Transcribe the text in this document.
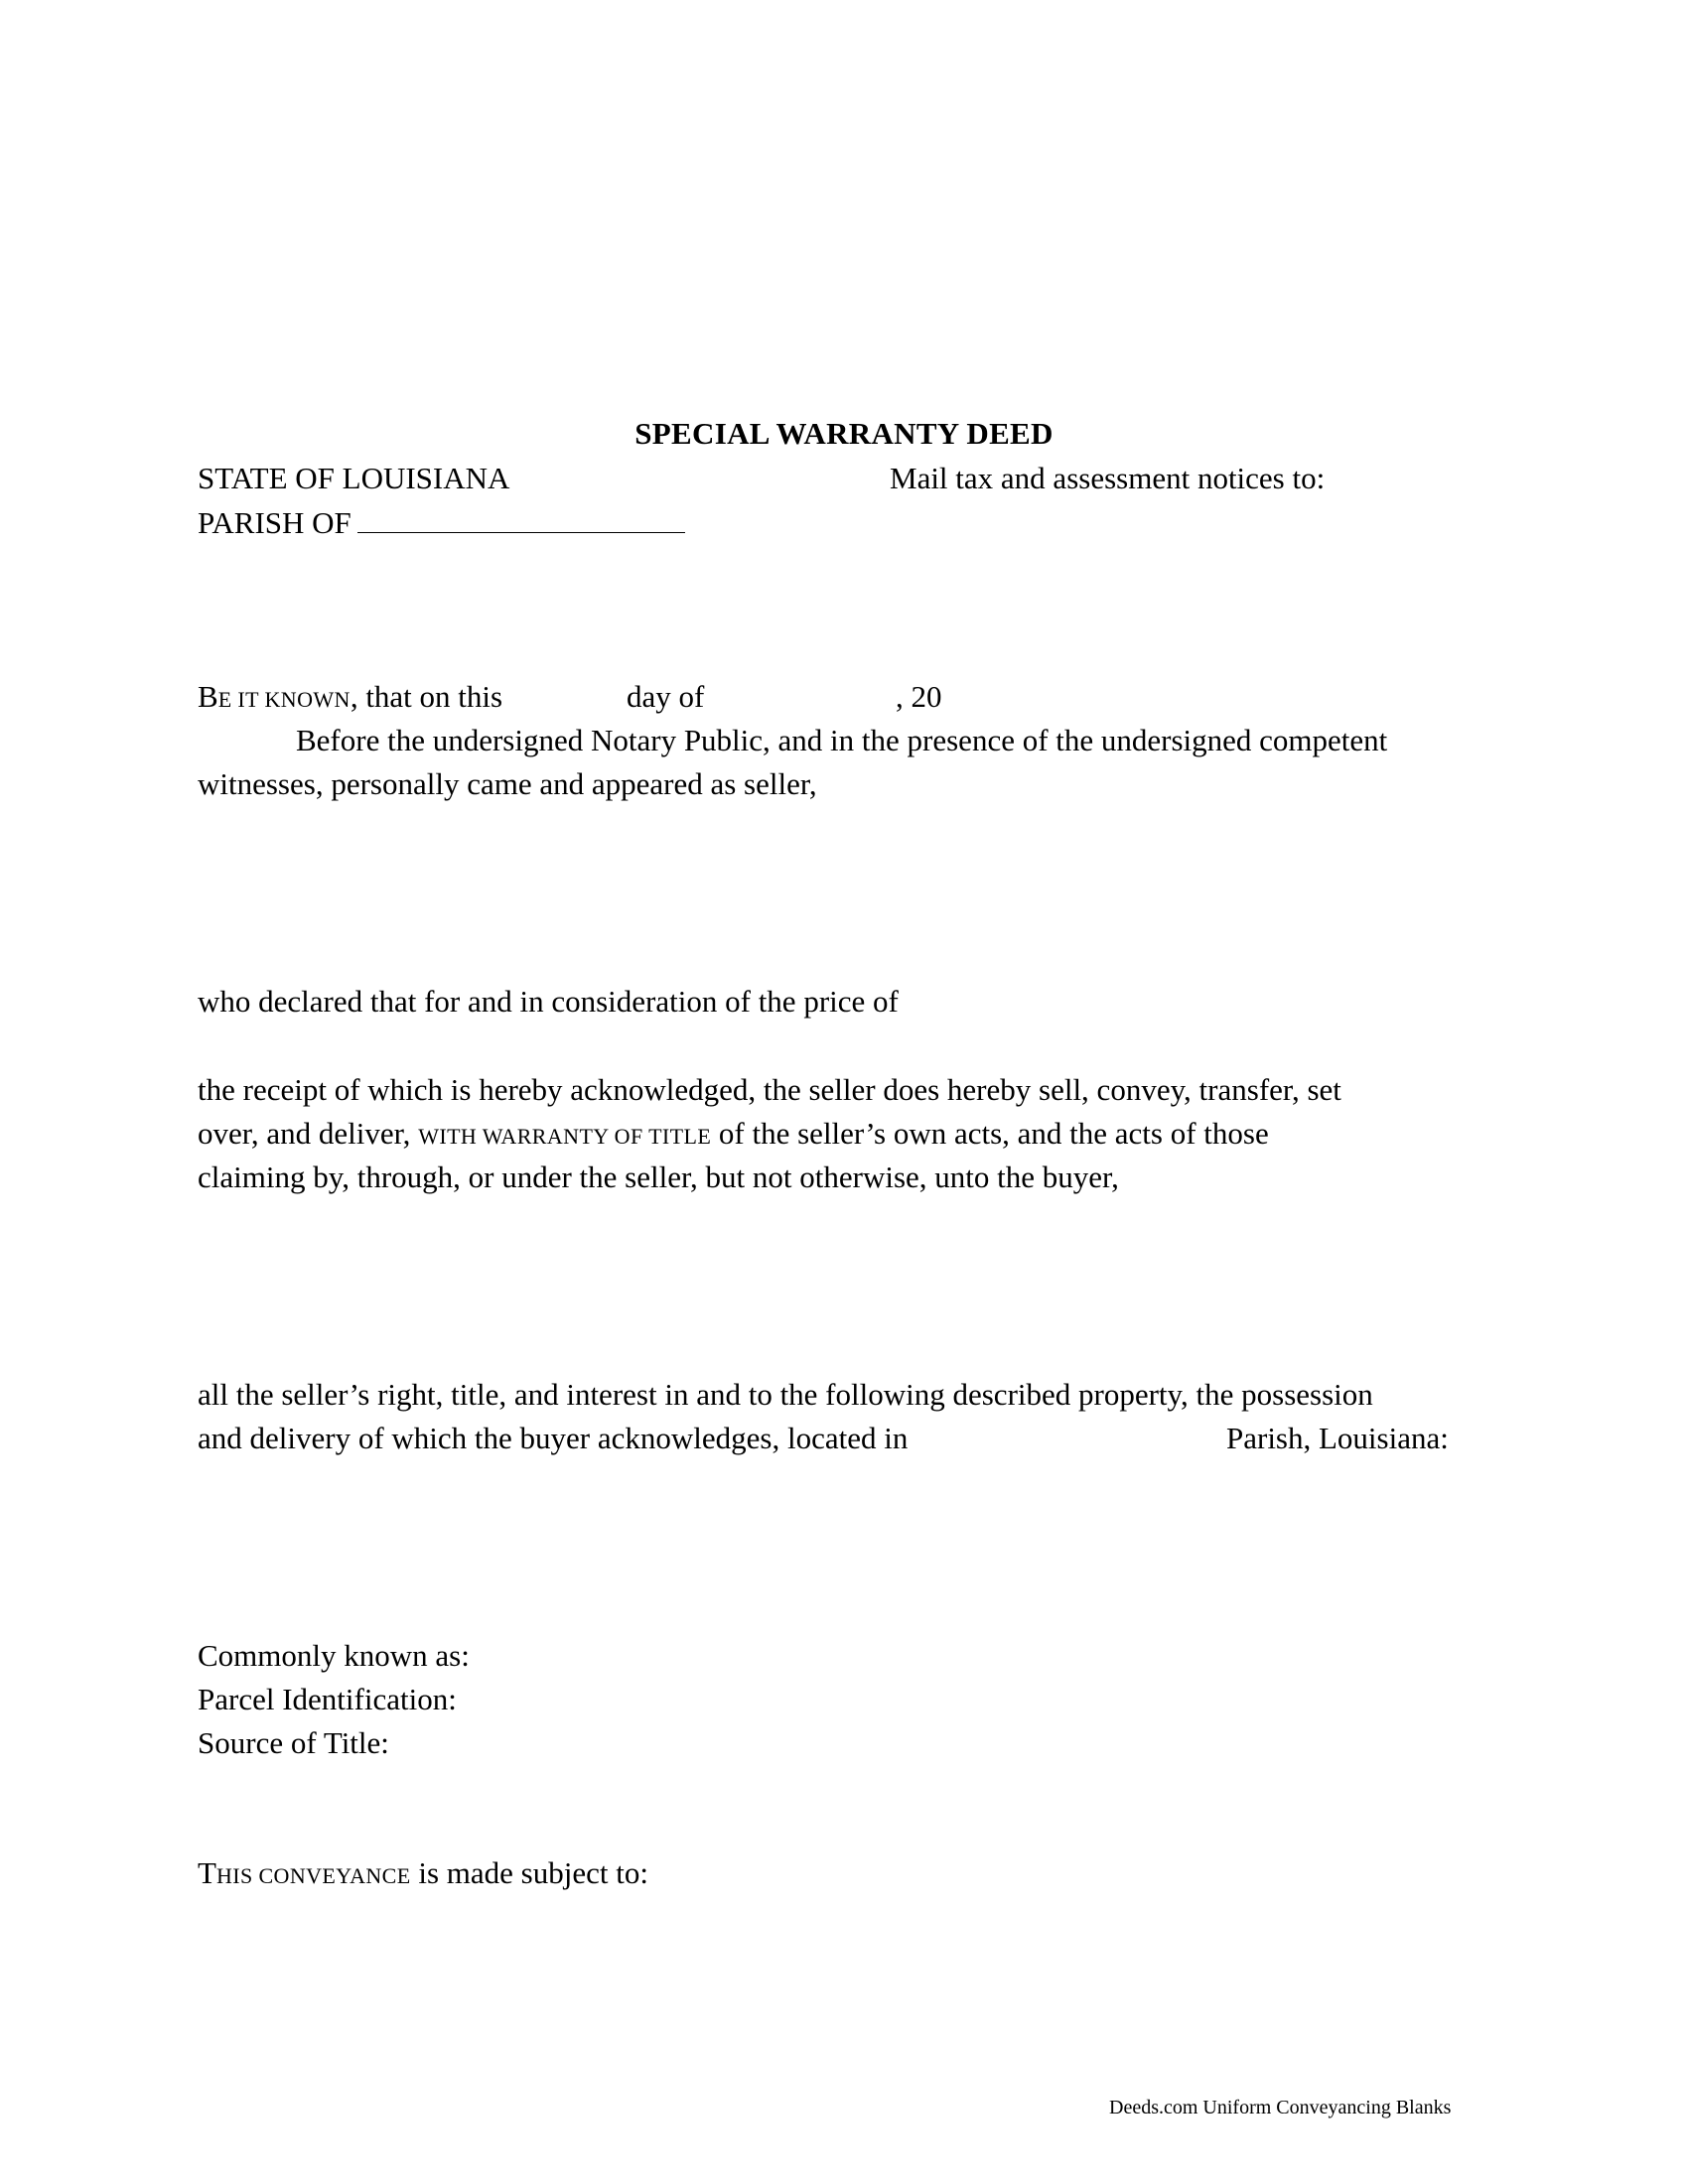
SPECIAL WARRANTY DEED
STATE OF LOUISIANA	Mail tax and assessment notices to:
PARISH OF
BE IT KNOWN, that on this	day of	, 20
Before the undersigned Notary Public, and in the presence of the undersigned competent
witnesses, personally came and appeared as seller,
who declared that for and in consideration of the price of
the receipt of which is hereby acknowledged, the seller does hereby sell, convey, transfer, set
over, and deliver, WITH WARRANTY OF TITLE of the seller’s own acts, and the acts of those
claiming by, through, or under the seller, but not otherwise, unto the buyer,
all the seller’s right, title, and interest in and to the following described property, the possession
and delivery of which the buyer acknowledges, located in	Parish, Louisiana:
Commonly known as:
Parcel Identification:
Source of Title:
THIS CONVEYANCE is made subject to:
Deeds.com Uniform Conveyancing Blanks
